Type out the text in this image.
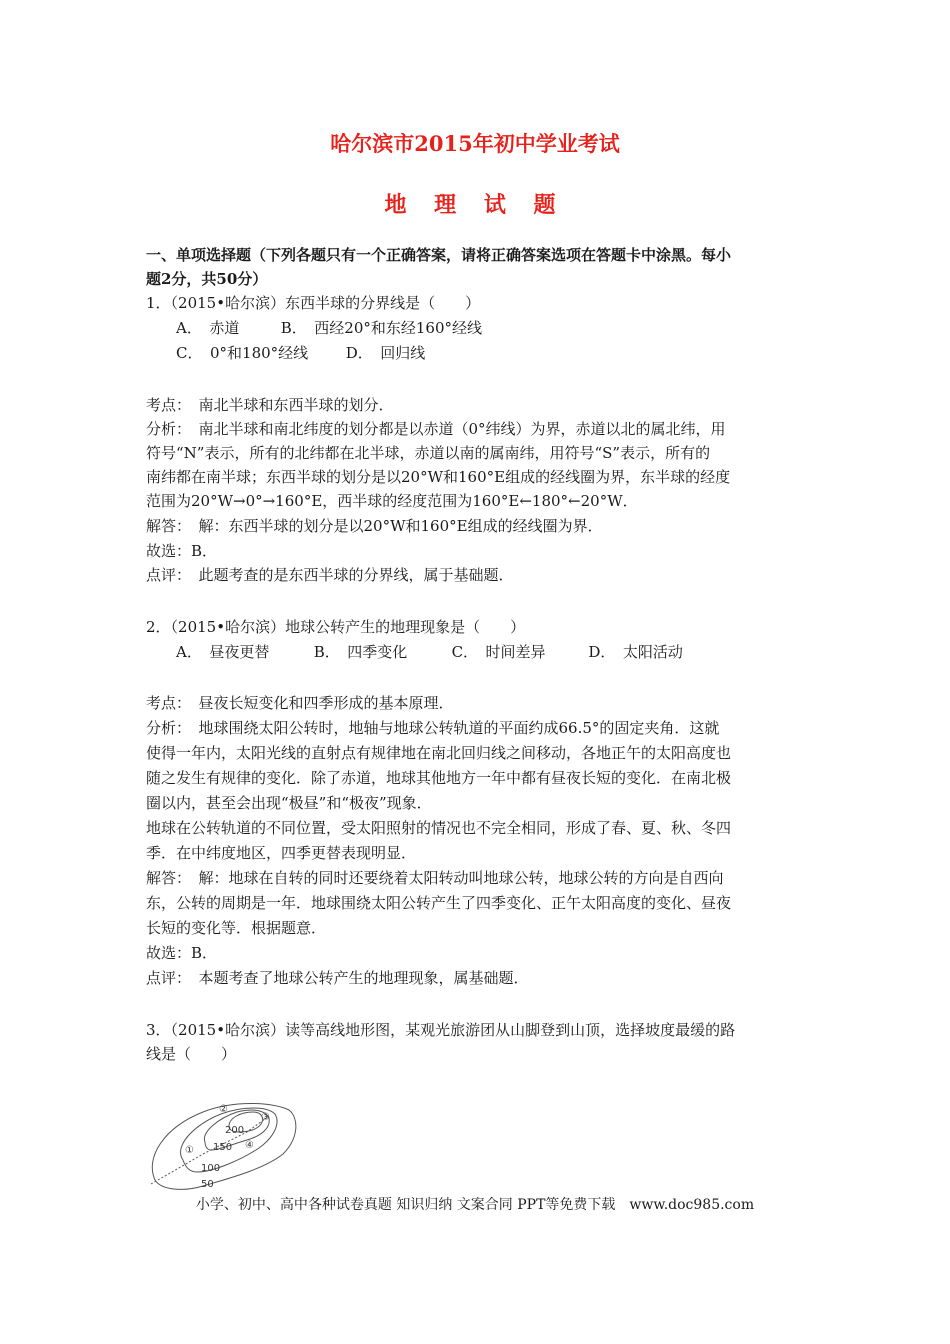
哈尔滨市2015年初中学业考试
地 理 试 题
一、单项选择题（下列各题只有一个正确答案，请将正确答案选项在答题卡中涂黑。每小
题2分，共50分）
1．（2015•哈尔滨）东西半球的分界线是（　　）
A．　赤道	B．　西经20°和东经160°经线
C．　0°和180°经线	D．　回归线
考点：　南北半球和东西半球的划分．
分析：　南北半球和南北纬度的划分都是以赤道（0°纬线）为界，赤道以北的属北纬，用
符号“N”表示，所有的北纬都在北半球，赤道以南的属南纬，用符号“S”表示，所有的
南纬都在南半球；东西半球的划分是以20°W和160°E组成的经线圈为界，东半球的经度
范围为20°W→0°→160°E，西半球的经度范围为160°E←180°←20°W．
解答：　解：东西半球的划分是以20°W和160°E组成的经线圈为界．
故选：B．
点评：　此题考查的是东西半球的分界线，属于基础题．
2．（2015•哈尔滨）地球公转产生的地理现象是（　　）
A．　昼夜更替	B．　四季变化	C．　时间差异	D．　太阳活动
考点：　昼夜长短变化和四季形成的基本原理．
分析：　地球围绕太阳公转时，地轴与地球公转轨道的平面约成66.5°的固定夹角．这就
使得一年内，太阳光线的直射点有规律地在南北回归线之间移动，各地正午的太阳高度也
随之发生有规律的变化．除了赤道，地球其他地方一年中都有昼夜长短的变化．在南北极
圈以内，甚至会出现“极昼”和“极夜”现象．
地球在公转轨道的不同位置，受太阳照射的情况也不完全相同，形成了春、夏、秋、冬四
季．在中纬度地区，四季更替表现明显．
解答：　解：地球在自转的同时还要绕着太阳转动叫地球公转，地球公转的方向是自西向
东，公转的周期是一年．地球围绕太阳公转产生了四季变化、正午太阳高度的变化、昼夜
长短的变化等．根据题意．
故选：B．
点评：　本题考查了地球公转产生的地理现象，属基础题．
3．（2015•哈尔滨）读等高线地形图，某观光旅游团从山脚登到山顶，选择坡度最缓的路
线是（　　）
200
150
100
50
①
②
③
④
小学、初中、高中各种试卷真题 知识归纳 文案合同 PPT等免费下载　www.doc985.com
